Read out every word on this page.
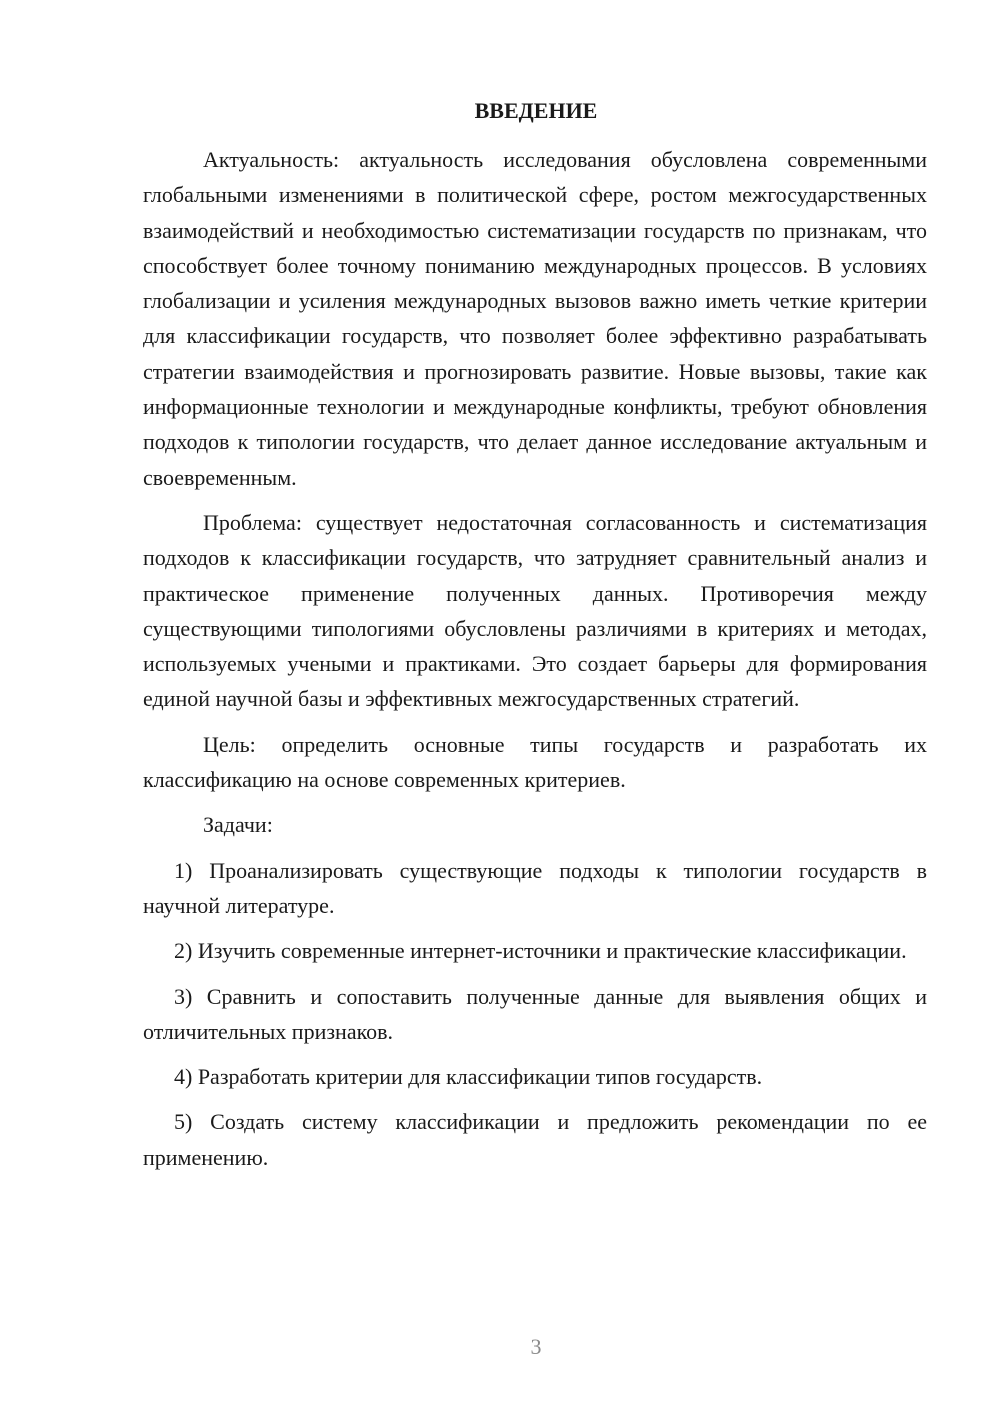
ВВЕДЕНИЕ

Актуальность: актуальность исследования обусловлена современными глобальными изменениями в политической сфере, ростом межгосударственных взаимодействий и необходимостью систематизации государств по признакам, что способствует более точному пониманию международных процессов. В условиях глобализации и усиления международных вызовов важно иметь четкие критерии для классификации государств, что позволяет более эффективно разрабатывать стратегии взаимодействия и прогнозировать развитие. Новые вызовы, такие как информационные технологии и международные конфликты, требуют обновления подходов к типологии государств, что делает данное исследование актуальным и своевременным.

Проблема: существует недостаточная согласованность и систематизация подходов к классификации государств, что затрудняет сравнительный анализ и практическое применение полученных данных. Противоречия между существующими типологиями обусловлены различиями в критериях и методах, используемых учеными и практиками. Это создает барьеры для формирования единой научной базы и эффективных межгосударственных стратегий.

Цель: определить основные типы государств и разработать их классификацию на основе современных критериев.

Задачи:

1) Проанализировать существующие подходы к типологии государств в научной литературе.

2) Изучить современные интернет-источники и практические классификации.

3) Сравнить и сопоставить полученные данные для выявления общих и отличительных признаков.

4) Разработать критерии для классификации типов государств.

5) Создать систему классификации и предложить рекомендации по ее применению.

3
